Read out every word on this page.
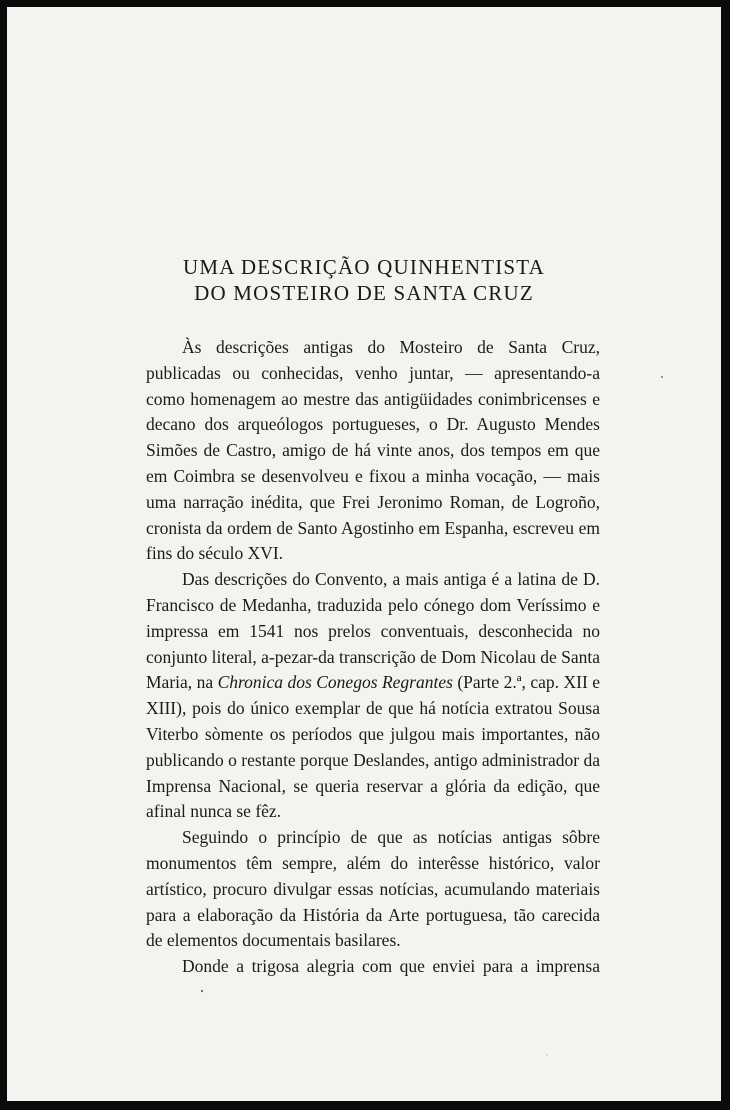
UMA DESCRIÇÃO QUINHENTISTA
DO MOSTEIRO DE SANTA CRUZ

Às descrições antigas do Mosteiro de Santa Cruz, publicadas ou conhecidas, venho juntar, — apresentando-a como homenagem ao mestre das antigüidades conimbricenses e decano dos arqueólogos portugueses, o Dr. Augusto Mendes Simões de Castro, amigo de há vinte anos, dos tempos em que em Coimbra se desenvolveu e fixou a minha vocação, — mais uma narração inédita, que Frei Jeronimo Roman, de Logroño, cronista da ordem de Santo Agostinho em Espanha, escreveu em fins do século XVI.

Das descrições do Convento, a mais antiga é a latina de D. Francisco de Medanha, traduzida pelo cónego dom Veríssimo e impressa em 1541 nos prelos conventuais, desconhecida no conjunto literal, a-pezar-da transcrição de Dom Nicolau de Santa Maria, na Chronica dos Conegos Regrantes (Parte 2.ª, cap. XII e XIII), pois do único exemplar de que há notícia extratou Sousa Viterbo sòmente os períodos que julgou mais importantes, não publicando o restante porque Deslandes, antigo administrador da Imprensa Nacional, se queria reservar a glória da edição, que afinal nunca se fêz.

Seguindo o princípio de que as notícias antigas sôbre monumentos têm sempre, além do interêsse histórico, valor artístico, procuro divulgar essas notícias, acumulando materiais para a elaboração da História da Arte portuguesa, tão carecida de elementos documentais basilares.

Donde a trigosa alegria com que enviei para a imprensa
